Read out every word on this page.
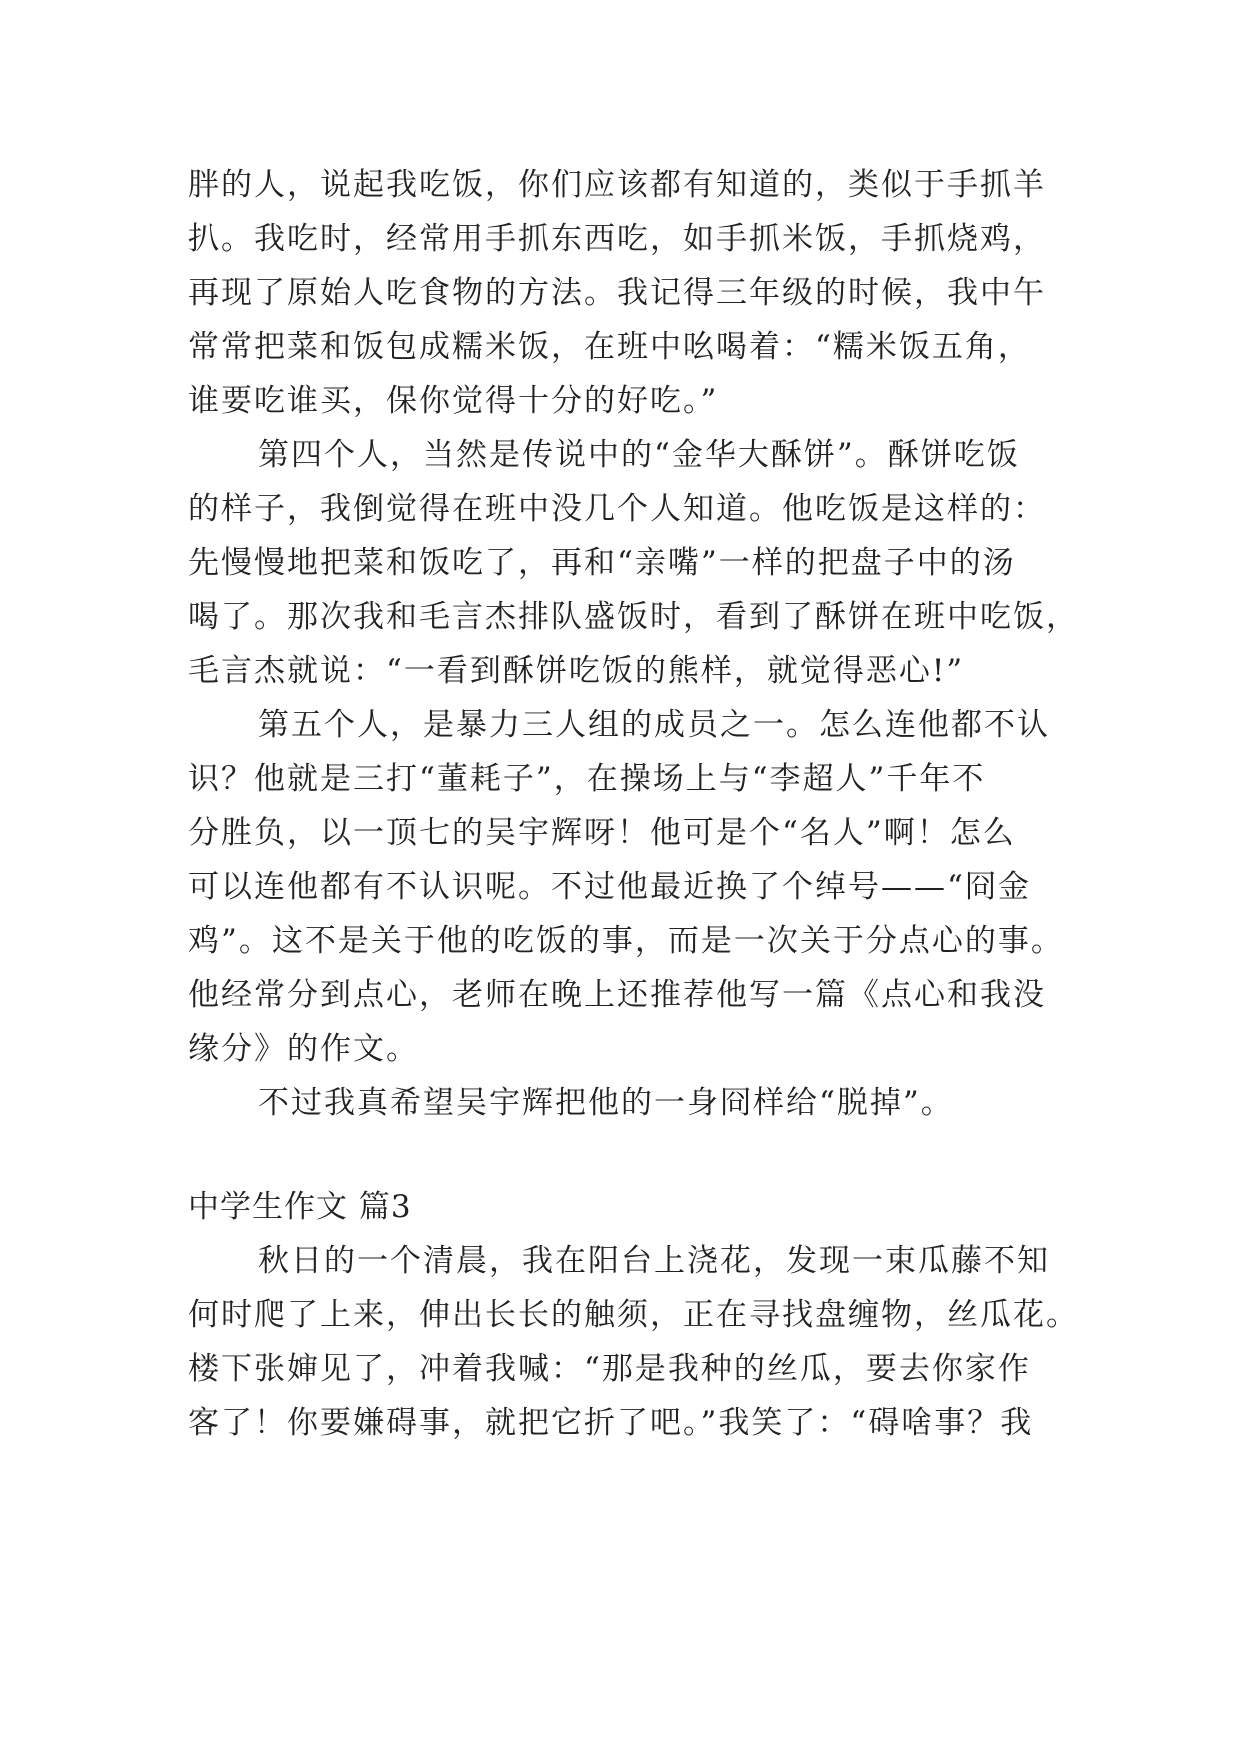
胖的人，说起我吃饭，你们应该都有知道的，类似于手抓羊
扒。我吃时，经常用手抓东西吃，如手抓米饭，手抓烧鸡，
再现了原始人吃食物的方法。我记得三年级的时候，我中午
常常把菜和饭包成糯米饭，在班中吆喝着：“糯米饭五角，
谁要吃谁买，保你觉得十分的好吃。”
第四个人，当然是传说中的“金华大酥饼”。酥饼吃饭
的样子，我倒觉得在班中没几个人知道。他吃饭是这样的：
先慢慢地把菜和饭吃了，再和“亲嘴”一样的把盘子中的汤
喝了。那次我和毛言杰排队盛饭时，看到了酥饼在班中吃饭，
毛言杰就说：“一看到酥饼吃饭的熊样，就觉得恶心!”
第五个人，是暴力三人组的成员之一。怎么连他都不认
识？他就是三打“董耗子”，在操场上与“李超人”千年不
分胜负，以一顶七的吴宇辉呀！他可是个“名人”啊！怎么
可以连他都有不认识呢。不过他最近换了个绰号——“冏金
鸡”。这不是关于他的吃饭的事，而是一次关于分点心的事。
他经常分到点心，老师在晚上还推荐他写一篇《点心和我没
缘分》的作文。
不过我真希望吴宇辉把他的一身冏样给“脱掉”。
中学生作文 篇3
秋日的一个清晨，我在阳台上浇花，发现一束瓜藤不知
何时爬了上来，伸出长长的触须，正在寻找盘缠物，丝瓜花。
楼下张婶见了，冲着我喊：“那是我种的丝瓜，要去你家作
客了！你要嫌碍事，就把它折了吧。”我笑了：“碍啥事？我
